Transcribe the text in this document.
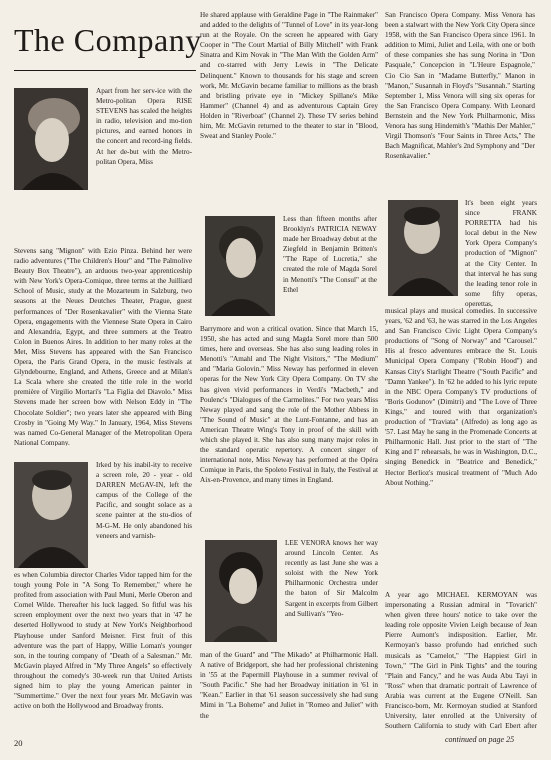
The Company

Apart from her serv-ice with the Metro-politan Opera RISE STEVENS has scaled the heights in radio, television and mo-tion pictures, and earned honors in the concert and record-ing fields. At her de-but with the Metro-politan Opera, Miss

Stevens sang "Mignon" with Ezio Pinza. Behind her were radio adventures ("The Children's Hour" and "The Palmolive Beauty Box Theatre"), an arduous two-year apprenticeship with New York's Opera-Comique, three terms at the Juilliard School of Music, study at the Mozarteum in Salzburg, two seasons at the Neues Deutches Theater, Prague, guest performances of "Der Rosenkavalier" with the Vienna State Opera, engagements with the Viennese State Opera in Cairo and Alexandria, Egypt, and three summers at the Teatro Colon in Buenos Aires. In addition to her many roles at the Met, Miss Stevens has appeared with the San Francisco Opera, the Paris Grand Opera, in the music festivals at Glyndebourne, England, and Athens, Greece and at Milan's La Scala where she created the title role in the world première of Virgilio Mortari's "La Figlia del Diavolo." Miss Stevens made her screen bow with Nelson Eddy in "The Chocolate Soldier"; two years later she appeared with Bing Crosby in "Going My Way." In January, 1964, Miss Stevens was named Co-General Manager of the Metropolitan Opera National Company.

Irked by his inabil-ity to receive a screen role, 20 - year - old DARREN McGAV-IN, left the campus of the College of the Pacific, and sought solace as a scene painter at the stu-dios of M-G-M. He only abandoned his veneers and varnish-

es when Columbia director Charles Vidor tapped him for the tough young Pole in "A Song To Remember," where he profited from association with Paul Muni, Merle Oberon and Cornel Wilde. Thereafter his luck lagged. So fitful was his screen employment over the next two years that in '47 he deserted Hollywood to study at New York's Neighborhood Playhouse under Sanford Meisner. First fruit of this adventure was the part of Happy, Willie Loman's younger son, in the touring company of "Death of a Salesman." Mr. McGavin played Alfred in "My Three Angels" so effectively throughout the comedy's 30-week run that United Artists signed him to play the young American painter in "Summertime." Over the next four years Mr. McGavin was active on both the Hollywood and Broadway fronts.

He shared applause with Geraldine Page in "The Rainmaker" and added to the delights of "Tunnel of Love" in its year-long run at the Royale. On the screen he appeared with Gary Cooper in "The Court Martial of Billy Mitchell" with Frank Sinatra and Kim Novak in "The Man With the Golden Arm" and co-starred with Jerry Lewis in "The Delicate Delinquent." Known to thousands for his stage and screen work, Mr. McGavin became familiar to millions as the brash and bristling private eye in "Mickey Spillane's Mike Hammer" (Channel 4) and as adventurous Captain Grey Holden in "Riverboat" (Channel 2). These TV series behind him, Mr. McGavin returned to the theater to star in "Blood, Sweat and Stanley Poole."

Less than fifteen months after Brooklyn's PATRICIA NEWAY made her Broadway debut at the Ziegfeld in Benjamin Britten's "The Rape of Lucretia," she created the role of Magda Sorel in Menotti's "The Consul" at the Ethel

Barrymore and won a critical ovation. Since that March 15, 1950, she has acted and sung Magda Sorel more than 500 times, here and overseas. She has also sung leading roles in Menotti's "Amahl and The Night Visitors," "The Medium" and "Maria Golovin." Miss Neway has performed in eleven operas for the New York City Opera Company. On TV she has given vivid performances in Verdi's "Macbeth," and Poulenc's "Dialogues of the Carmelites." For two years Miss Neway played and sang the role of the Mother Abbess in "The Sound of Music" at the Lunt-Fontanne, and has an American Theatre Wing's Tony in proof of the skill with which she played it. She has also sung many major roles in the standard operatic repertory. A concert singer of international note, Miss Neway has performed at the Opéra Comique in Paris, the Spoleto Festival in Italy, the Festival at Aix-en-Provence, and many times in England.

LEE VENORA knows her way around Lincoln Center. As recently as last June she was a soloist with the New York Philharmonic Orchestra under the baton of Sir Malcolm Sargent in excerpts from Gilbert and Sullivan's "Yeo-

man of the Guard" and "The Mikado" at Philharmonic Hall. A native of Bridgeport, she had her professional christening in '55 at the Papermill Playhouse in a summer revival of "South Pacific." She had her Broadway initiation in '61 in "Kean." Earlier in that '61 season successively she had sung Mimi in "La Boheme" and Juliet in "Romeo and Juliet" with the

San Francisco Opera Company. Miss Venora has been a stalwart with the New York City Opera since 1958, with the San Francisco Opera since 1961. In addition to Mimi, Juliet and Leila, with one or both of these companies she has sung Norina in "Don Pasquale," Concepcion in "L'Heure Espagnole," Cio Cio San in "Madame Butterfly," Manon in "Manon," Susannah in Floyd's "Susannah." Starting September 1, Miss Venora will sing six operas for the San Francisco Opera Company. With Leonard Bernstein and the New York Philharmonic, Miss Venora has sung Hindemith's "Mathis Der Mahler," Virgil Thomson's "Four Saints in Three Acts," The Bach Magnificat, Mahler's 2nd Symphony and "Der Rosenkavalier."

It's been eight years since FRANK PORRETTA had his local debut in the New York Opera Company's production of "Mignon" at the City Center. In that interval he has sung the leading tenor role in some fifty operas, operettas,

musical plays and musical comedies. In successive years, '62 and '63, he was starred in the Los Angeles and San Francisco Civic Light Opera Company's productions of "Song of Norway" and "Carousel." His al fresco adventures embrace the St. Louis Municipal Opera Company ("Robin Hood") and Kansas City's Starlight Theatre ("South Pacific" and "Damn Yankee"). In '62 he added to his lyric repute in the NBC Opera Company's TV productions of "Boris Godunov" (Dimitri) and "The Love of Three Kings," and toured with that organization's production of "Traviata" (Alfredo) as long ago as '57. Last May he sang in the Promenade Concerts at Philharmonic Hall. Just prior to the start of "The King and I" rehearsals, he was in Washington, D.C., singing Benedick in "Beatrice and Benedick," Hector Berlioz's musical treatment of "Much Ado About Nothing."

A year ago MICHAEL KERMOYAN was impersonating a Russian admiral in "Tovarich" when given three hours' notice to take over the leading role opposite Vivien Leigh because of Jean Pierre Aumont's indisposition. Earlier, Mr. Kermoyan's basso profundo had enriched such musicals as "Camelot," "The Happiest Girl in Town," "The Girl in Pink Tights" and the touring "Plain and Fancy," and he was Auda Abu Tayi in "Ross" when that dramatic portrait of Lawrence of Arabia was current at the Eugene O'Neill. San Francisco-born, Mr. Kermoyan studied at Stanford University, later enrolled at the University of Southern California to study with Carl Ebert after

20	continued on page 25
